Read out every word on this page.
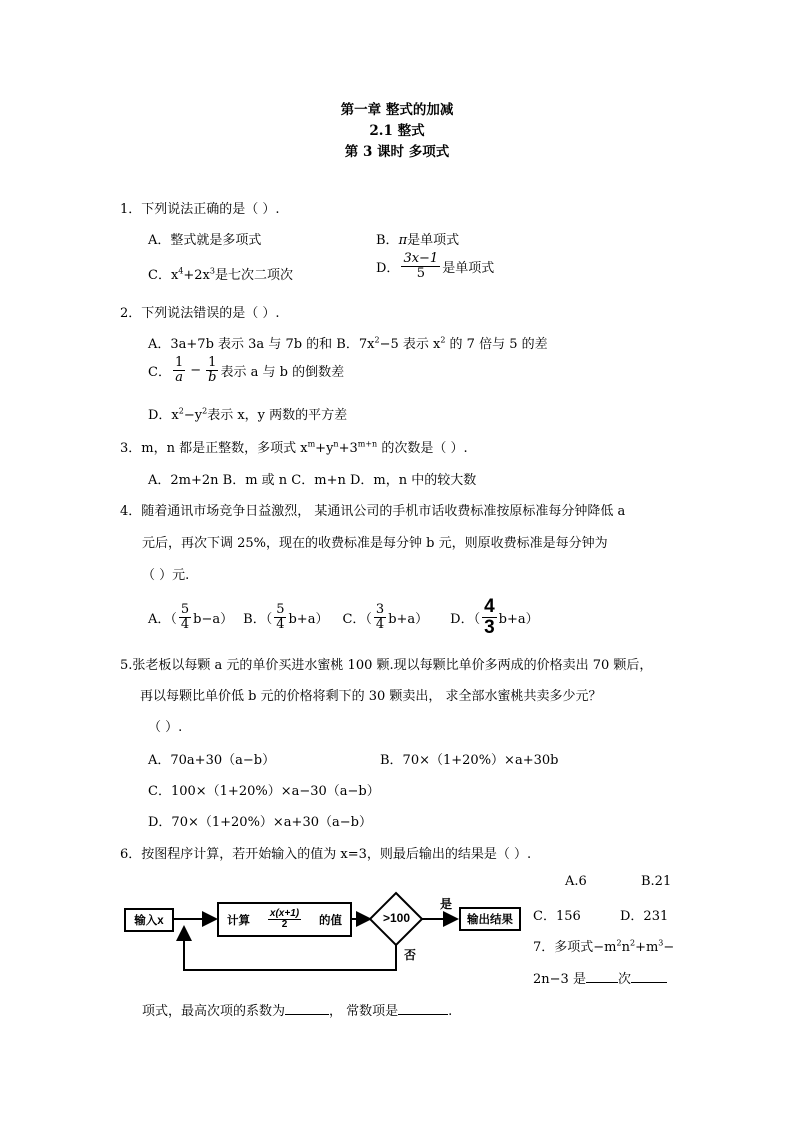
第一章 整式的加减
2.1 整式
第 3 课时 多项式
1．下列说法正确的是（ ）.
A．整式就是多项式	B．π是单项式
C．$x^4+2x^3$是七次二项次	D． $\frac{3x-1}{5}$ 是单项式
2．下列说法错误的是（ ）.
A．3a+7b 表示 3a 与 7b 的和 B．$7x^2-5$ 表示 $x^2$ 的 7 倍与 5 的差
C． $\frac{1}{a} - \frac{1}{b}$ 表示 a 与 b 的倒数差
D．$x^2-y^2$表示 x，y 两数的平方差
3．m，n 都是正整数，多项式 $x^m+y^n+3^{m+n}$ 的次数是（ ）.
A．2m+2n B．m 或 n C．m+n D．m，n 中的较大数
4．随着通讯市场竞争日益激烈， 某通讯公司的手机市话收费标准按原标准每分钟降低 a
元后，再次下调 25%，现在的收费标准是每分钟 b 元，则原收费标准是每分钟为
（ ）元.
A．（ $\frac{5}{4} b-a$） B．（ $\frac{5}{4} b+a$） C．（ $\frac{3}{4} b+a$） D．（ $\frac{4}{3} b+a$）
5.张老板以每颗 a 元的单价买进水蜜桃 100 颗.现以每颗比单价多两成的价格卖出 70 颗后，
再以每颗比单价低 b 元的价格将剩下的 30 颗卖出， 求全部水蜜桃共卖多少元？
（ ）.
A．70a+30（a−b）	B．70×（1+20%）×a+30b
C．100×（1+20%）×a−30（a−b）
D．70×（1+20%）×a+30（a−b）
6．按图程序计算，若开始输入的值为 x=3，则最后输出的结果是（ ）.
A.6	B.21
C．156	D．231
输入x	计算 $\frac{x(x+1)}{2}$ 的值	>100
是
否
输出结果
7．多项式$-m^2n^2+m^3-$
2n−3 是 次
项式，最高次项的系数为	， 常数项是	.
